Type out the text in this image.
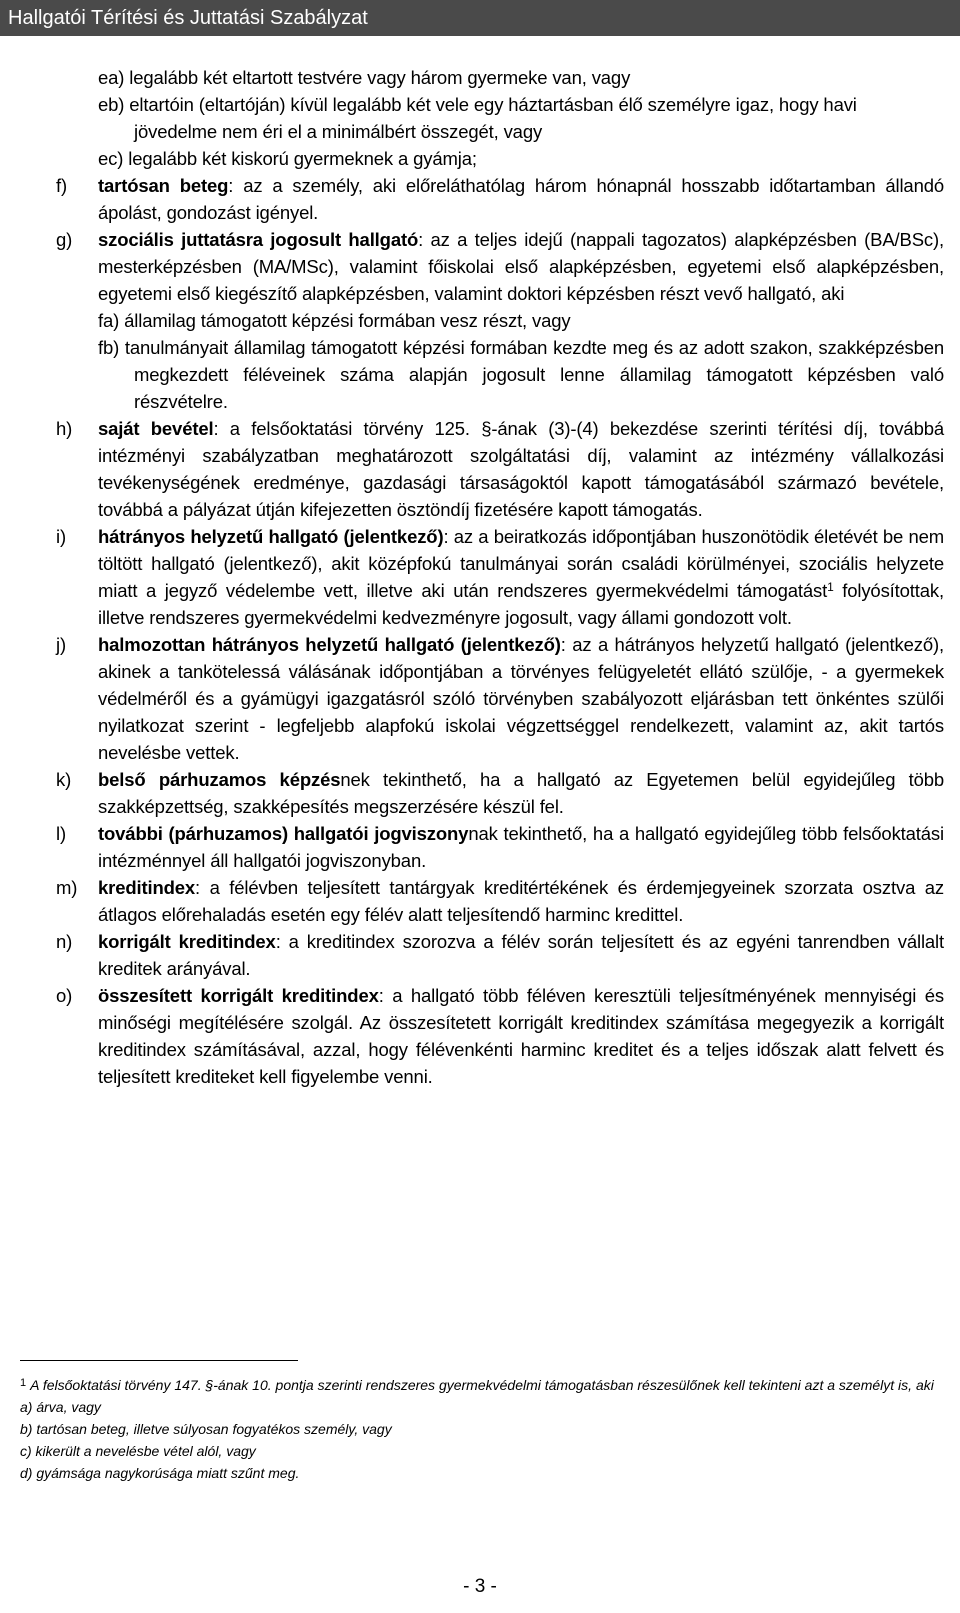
Hallgatói Térítési és Juttatási Szabályzat
ea) legalább két eltartott testvére vagy három gyermeke van, vagy
eb) eltartóin (eltartóján) kívül legalább két vele egy háztartásban élő személyre igaz, hogy havi jövedelme nem éri el a minimálbért összegét, vagy
ec) legalább két kiskorú gyermeknek a gyámja;
f) tartósan beteg: az a személy, aki előreláthatólag három hónapnál hosszabb időtartamban állandó ápolást, gondozást igényel.
g) szociális juttatásra jogosult hallgató: az a teljes idejű (nappali tagozatos) alapképzésben (BA/BSc), mesterképzésben (MA/MSc), valamint főiskolai első alapképzésben, egyetemi első alapképzésben, egyetemi első kiegészítő alapképzésben, valamint doktori képzésben részt vevő hallgató, aki
fa) államilag támogatott képzési formában vesz részt, vagy
fb) tanulmányait államilag támogatott képzési formában kezdte meg és az adott szakon, szakképzésben megkezdett féléveinek száma alapján jogosult lenne államilag támogatott képzésben való részvételre.
h) saját bevétel: a felsőoktatási törvény 125. §-ának (3)-(4) bekezdése szerinti térítési díj, továbbá intézményi szabályzatban meghatározott szolgáltatási díj, valamint az intézmény vállalkozási tevékenységének eredménye, gazdasági társaságoktól kapott támogatásából származó bevétele, továbbá a pályázat útján kifejezetten ösztöndíj fizetésére kapott támogatás.
i) hátrányos helyzetű hallgató (jelentkező): az a beiratkozás időpontjában huszonötödik életévét be nem töltött hallgató (jelentkező), akit középfokú tanulmányai során családi körülményei, szociális helyzete miatt a jegyző védelembe vett, illetve aki után rendszeres gyermekvédelmi támogatást$^1$ folyósítottak, illetve rendszeres gyermekvédelmi kedvezményre jogosult, vagy állami gondozott volt.
j) halmozottan hátrányos helyzetű hallgató (jelentkező): az a hátrányos helyzetű hallgató (jelentkező), akinek a tankötelessá válásának időpontjában a törvényes felügyeletét ellátó szülője, - a gyermekek védelméről és a gyámügyi igazgatásról szóló törvényben szabályozott eljárásban tett önkéntes szülői nyilatkozat szerint - legfeljebb alapfokú iskolai végzettséggel rendelkezett, valamint az, akit tartós nevelésbe vettek.
k) belső párhuzamos képzésnek tekinthető, ha a hallgató az Egyetemen belül egyidejűleg több szakképzettség, szakképesítés megszerzésére készül fel.
l) további (párhuzamos) hallgatói jogviszonynak tekinthető, ha a hallgató egyidejűleg több felsőoktatási intézménnyel áll hallgatói jogviszonyban.
m) kreditindex: a félévben teljesített tantárgyak kreditértékének és érdemjegyeinek szorzata osztva az átlagos előrehaladás esetén egy félév alatt teljesítendő harminc kredittel.
n) korrigált kreditindex: a kreditindex szorozva a félév során teljesített és az egyéni tanrendben vállalt kreditek arányával.
o) összesített korrigált kreditindex: a hallgató több féléven keresztüli teljesítményének mennyiségi és minőségi megítélésére szolgál. Az összesítetett korrigált kreditindex számítása megegyezik a korrigált kreditindex számításával, azzal, hogy félévenkénti harminc kreditet és a teljes időszak alatt felvett és teljesített krediteket kell figyelembe venni.
$^1$ A felsőoktatási törvény 147. §-ának 10. pontja szerinti rendszeres gyermekvédelmi támogatásban részesülőnek kell tekinteni azt a személyt is, aki
a) árva, vagy
b) tartósan beteg, illetve súlyosan fogyatékos személy, vagy
c) kikerült a nevelésbe vétel alól, vagy
d) gyámsága nagykorúsága miatt szűnt meg.
- 3 -
